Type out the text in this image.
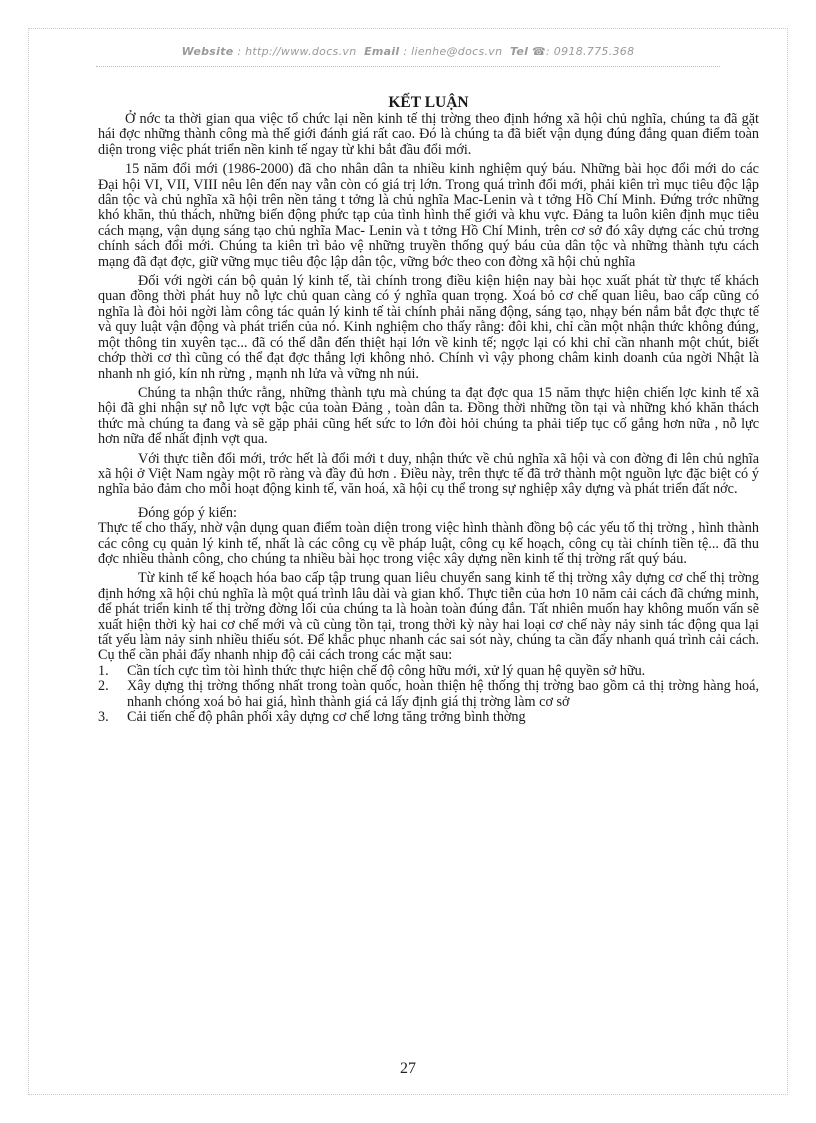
Website : http://www.docs.vn Email : lienhe@docs.vn Tel ☎: 0918.775.368
KẾT LUẬN

Ở nớc ta thời gian qua việc tổ chức lại nền kinh tế thị trờng theo định hớng xã hội chủ nghĩa, chúng ta đã gặt hái đợc những thành công mà thế giới đánh giá rất cao. Đó là chúng ta đã biết vận dụng đúng đắng quan điểm toàn diện trong việc phát triển nền kinh tế ngay từ khi bắt đầu đổi mới.

15 năm đổi mới (1986-2000) đã cho nhân dân ta nhiều kinh nghiệm quý báu. Những bài học đổi mới do các Đại hội VI, VII, VIII nêu lên đến nay vẫn còn có giá trị lớn. Trong quá trình đổi mới, phải kiên trì mục tiêu độc lập dân tộc và chủ nghĩa xã hội trên nền tảng t tởng là chủ nghĩa Mac-Lenin và t tởng Hồ Chí Minh. Đứng trớc những khó khăn, thủ thách, những biến động phức tạp của tình hình thế giới và khu vực. Đảng ta luôn kiên định mục tiêu cách mạng, vận dụng sáng tạo chủ nghĩa Mac- Lenin và t tởng Hồ Chí Minh, trên cơ sở đó xây dựng các chủ trơng chính sách đổi mới. Chúng ta kiên trì bảo vệ những truyền thống quý báu của dân tộc và những thành tựu cách mạng đã đạt đợc, giữ vững mục tiêu độc lập dân tộc, vững bớc theo con đờng xã hội chủ nghĩa

Đối với ngời cán bộ quản lý kinh tế, tài chính trong điều kiện hiện nay bài học xuất phát từ thực tế khách quan đồng thời phát huy nỗ lực chủ quan càng có ý nghĩa quan trọng. Xoá bỏ cơ chế quan liêu, bao cấp cũng có nghĩa là đòi hỏi ngời làm công tác quản lý kinh tế tài chính phải năng động, sáng tạo, nhạy bén nắm bắt đợc thực tế và quy luật vận động và phát triển của nó. Kinh nghiệm cho thấy rằng: đôi khi, chỉ cần một nhận thức không đúng, một thông tin xuyên tạc... đã có thể dẫn đến thiệt hại lớn về kinh tế; ngợc lại có khi chỉ cần nhanh một chút, biết chớp thời cơ thì cũng có thể đạt đợc thắng lợi không nhỏ. Chính vì vậy phong châm kinh doanh của ngời Nhật là nhanh nh gió, kín nh rừng , mạnh nh lửa và vững nh núi.

Chúng ta nhận thức rằng, những thành tựu mà chúng ta đạt đợc qua 15 năm thực hiện chiến lợc kinh tế xã hội đã ghi nhận sự nỗ lực vợt bậc của toàn Đảng , toàn dân ta. Đồng thời những tồn tại và những khó khăn thách thức mà chúng ta đang và sẽ gặp phải cũng hết sức to lớn đòi hỏi chúng ta phải tiếp tục cố gắng hơn nữa , nỗ lực hơn nữa để nhất định vợt qua.

Với thực tiễn đổi mới, trớc hết là đổi mới t duy, nhận thức về chủ nghĩa xã hội và con đờng đi lên chủ nghĩa xã hội ở Việt Nam ngày một rõ ràng và đầy đủ hơn . Điều này, trên thực tế đã trở thành một nguồn lực đặc biệt có ý nghĩa bảo đảm cho mỗi hoạt động kinh tế, văn hoá, xã hội cụ thể trong sự nghiệp xây dựng và phát triển đất nớc.

Đóng góp ý kiến:

Thực tế cho thấy, nhờ vận dụng quan điểm toàn diện trong việc hình thành đồng bộ các yếu tố thị trờng , hình thành các công cụ quản lý kinh tế, nhất là các công cụ về pháp luật, công cụ kế hoạch, công cụ tài chính tiền tệ... đã thu đợc nhiều thành công, cho chúng ta nhiều bài học trong việc xây dựng nền kinh tế thị trờng rất quý báu.

Từ kinh tế kế hoạch hóa bao cấp tập trung quan liêu chuyển sang kinh tế thị trờng xây dựng cơ chế thị trờng định hớng xã hội chủ nghĩa là một quá trình lâu dài và gian khổ. Thực tiễn của hơn 10 năm cải cách đã chứng minh, để phát triển kinh tế thị trờng đờng lối của chúng ta là hoàn toàn đúng đắn. Tất nhiên muốn hay không muốn vấn sẽ xuất hiện thời kỳ hai cơ chế mới và cũ cùng tồn tại, trong thời kỳ này hai loại cơ chế này nảy sinh tác động qua lại tất yếu làm nảy sinh nhiều thiếu sót. Để khắc phục nhanh các sai sót này, chúng ta cần đẩy nhanh quá trình cải cách. Cụ thể cần phải đẩy nhanh nhịp độ cải cách trong các mặt sau:

1. Cần tích cực tìm tòi hình thức thực hiện chế độ công hữu mới, xử lý quan hệ quyền sở hữu.
2. Xây dựng thị trờng thống nhất trong toàn quốc, hoàn thiện hệ thống thị trờng bao gồm cả thị trờng hàng hoá, nhanh chóng xoá bỏ hai giá, hình thành giá cả lấy định giá thị trờng làm cơ sở
3. Cải tiến chế độ phân phối xây dựng cơ chế lơng tăng trởng bình thờng
27
